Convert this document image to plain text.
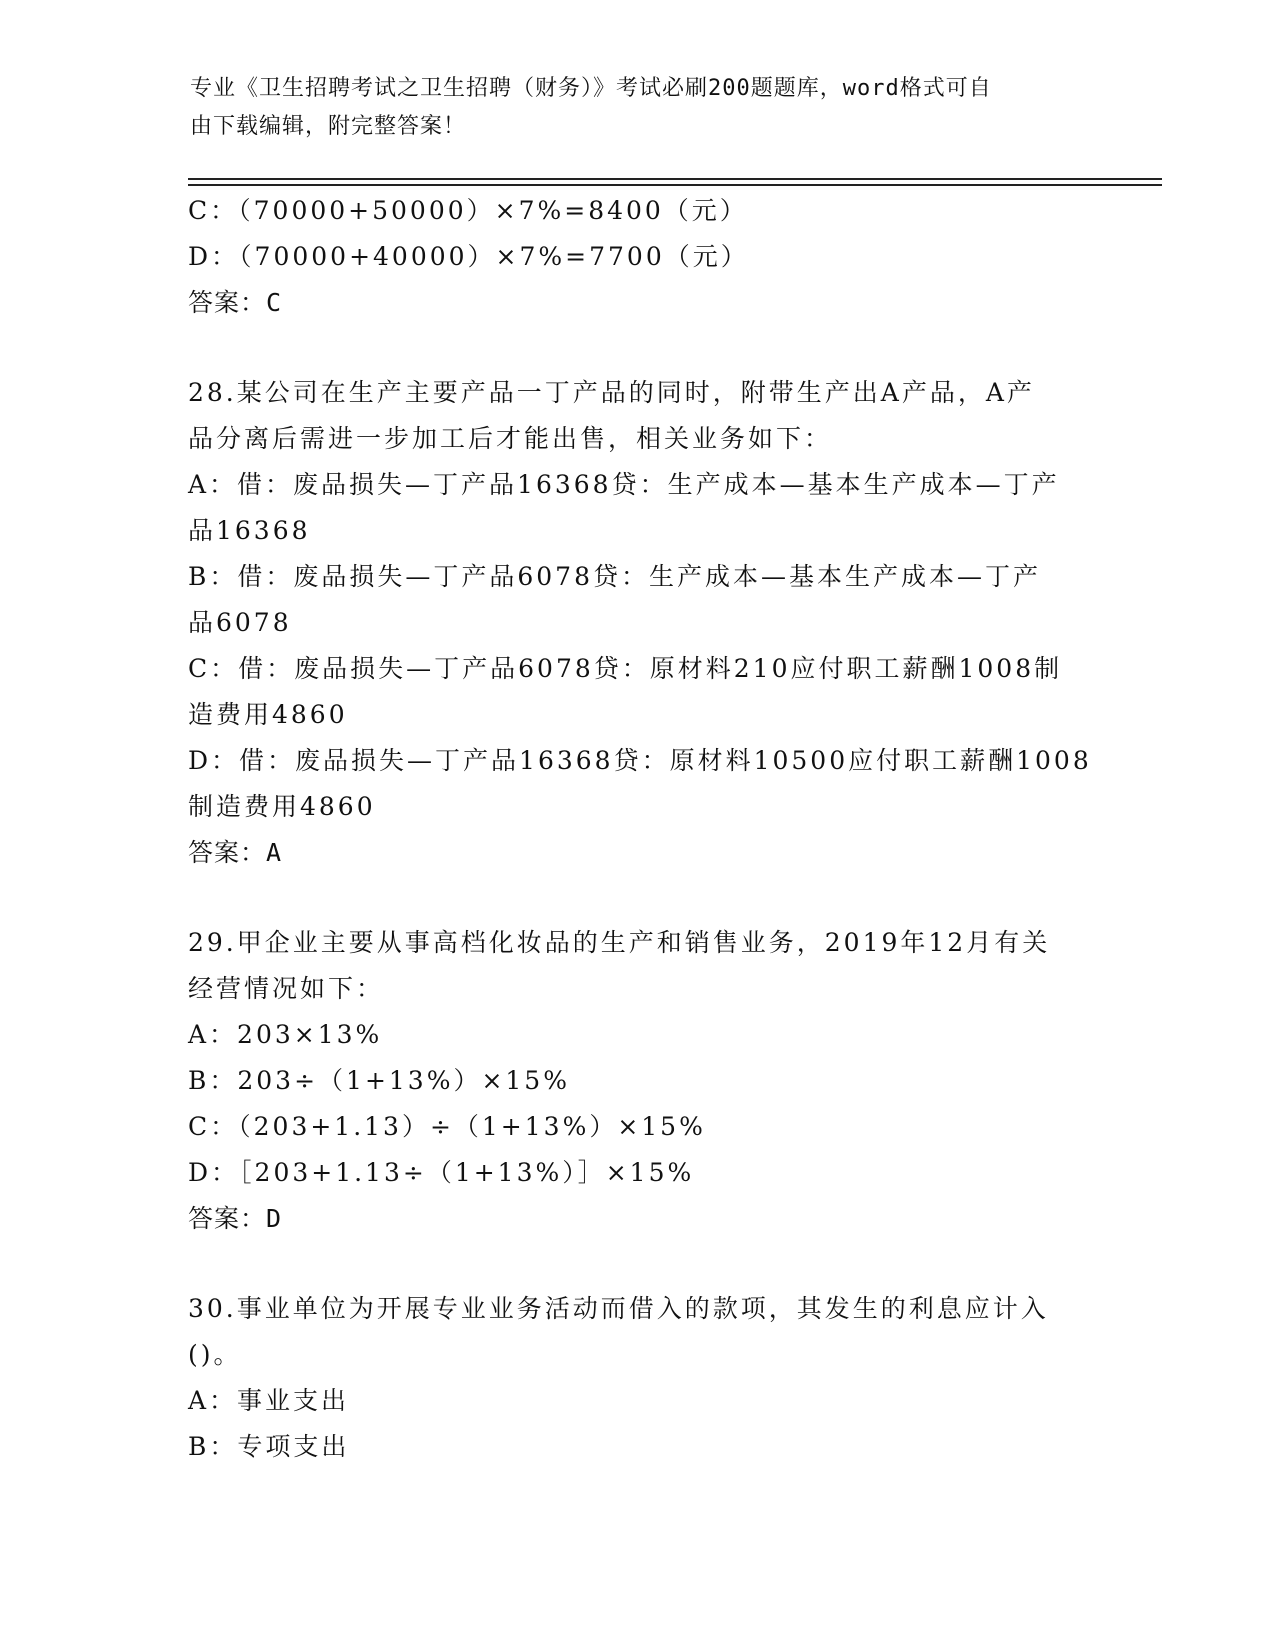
专业《卫生招聘考试之卫生招聘（财务）》考试必刷200题题库，word格式可自
由下载编辑，附完整答案！
C：（70000+50000）×7%=8400（元）
D：（70000+40000）×7%=7700（元）
答案：C
28.某公司在生产主要产品一丁产品的同时，附带生产出A产品，A产
品分离后需进一步加工后才能出售，相关业务如下：
A：借：废品损失—丁产品16368贷：生产成本—基本生产成本—丁产
品16368
B：借：废品损失—丁产品6078贷：生产成本—基本生产成本—丁产
品6078
C：借：废品损失—丁产品6078贷：原材料210应付职工薪酬1008制
造费用4860
D：借：废品损失—丁产品16368贷：原材料10500应付职工薪酬1008
制造费用4860
答案：A
29.甲企业主要从事高档化妆品的生产和销售业务，2019年12月有关
经营情况如下：
A：203×13%
B：203÷（1+13%）×15%
C：（203+1.13）÷（1+13%）×15%
D：［203+1.13÷（1+13%）］×15%
答案：D
30.事业单位为开展专业业务活动而借入的款项，其发生的利息应计入
()。
A：事业支出
B：专项支出
